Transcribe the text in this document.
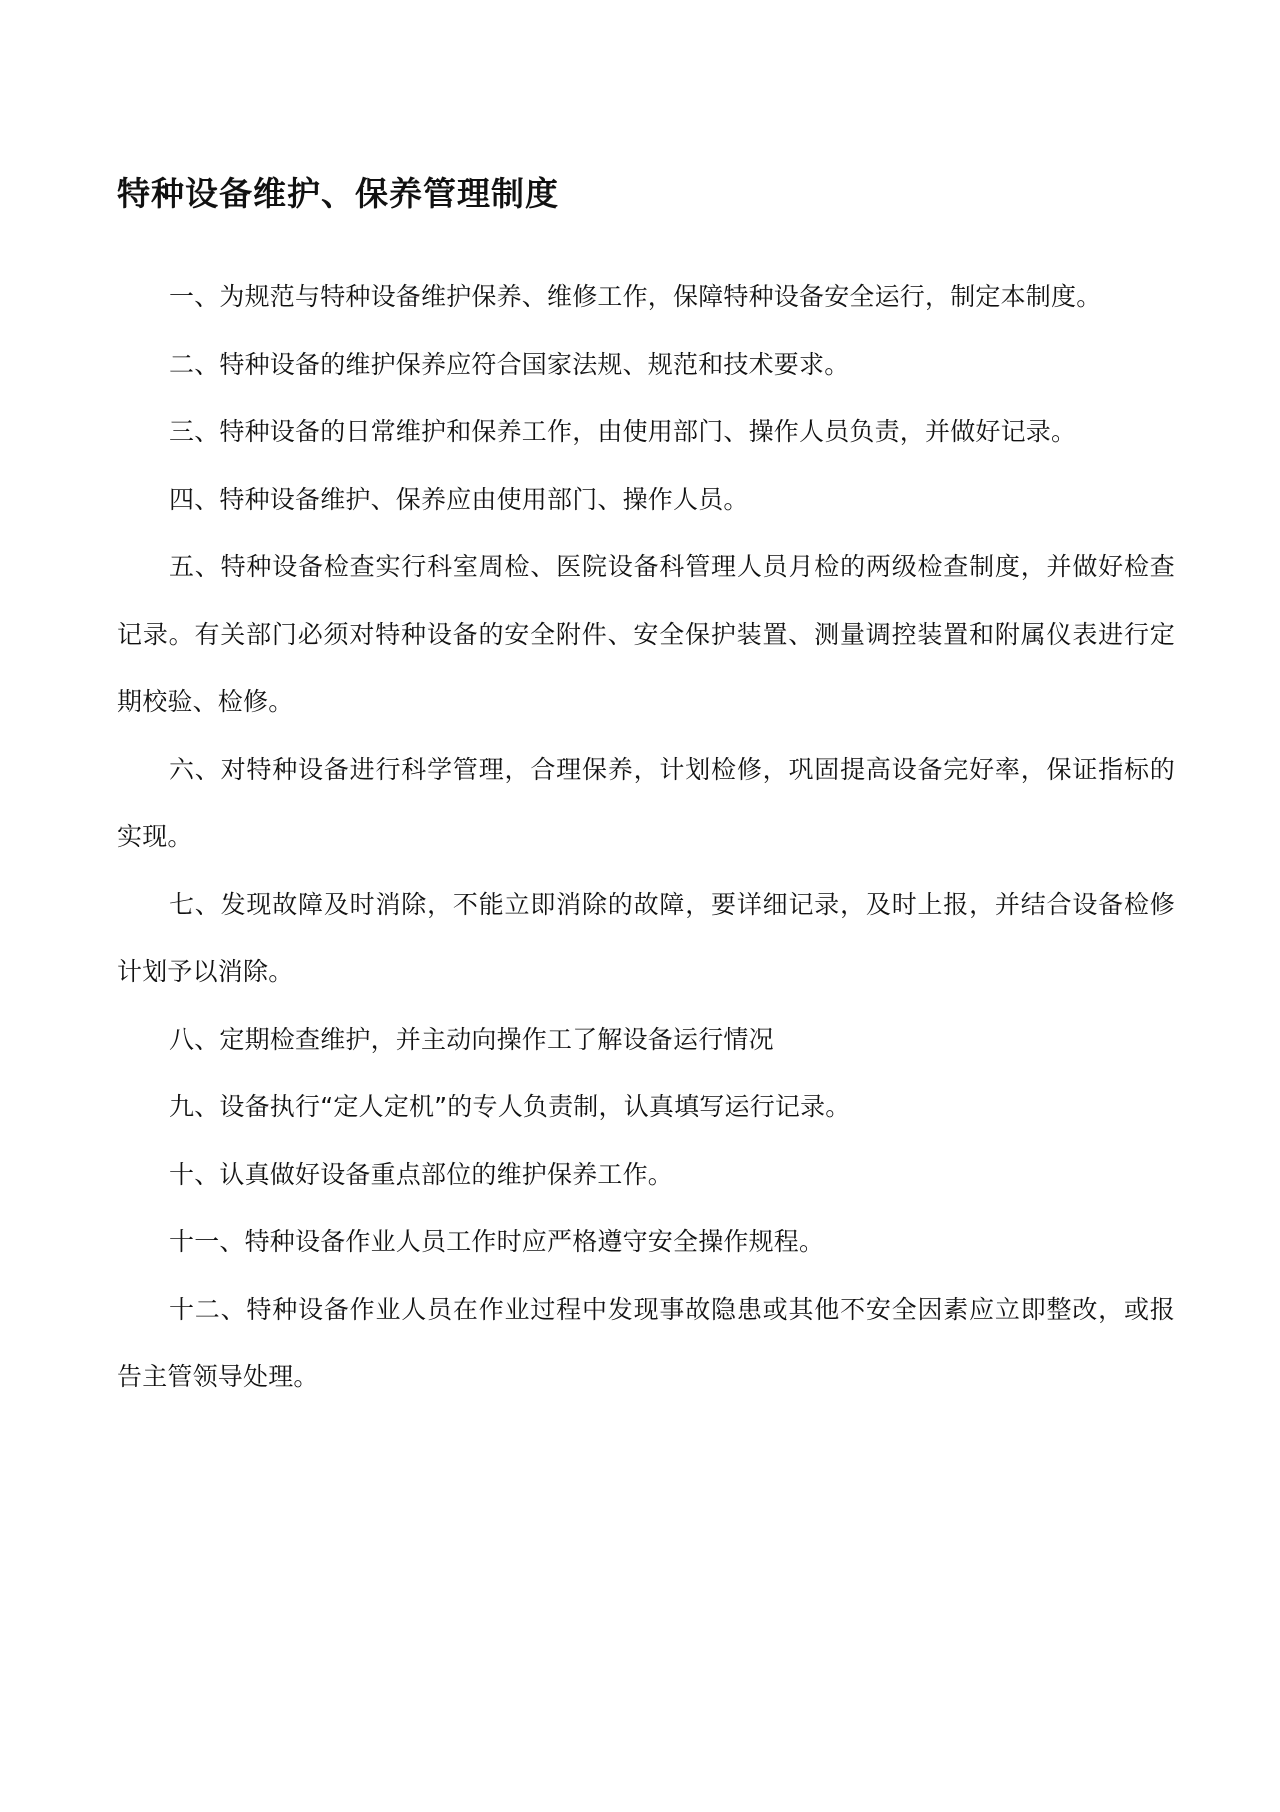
特种设备维护、保养管理制度

一、为规范与特种设备维护保养、维修工作，保障特种设备安全运行，制定本制度。

二、特种设备的维护保养应符合国家法规、规范和技术要求。

三、特种设备的日常维护和保养工作，由使用部门、操作人员负责，并做好记录。

四、特种设备维护、保养应由使用部门、操作人员。

五、特种设备检查实行科室周检、医院设备科管理人员月检的两级检查制度，并做好检查记录。有关部门必须对特种设备的安全附件、安全保护装置、测量调控装置和附属仪表进行定期校验、检修。

六、对特种设备进行科学管理，合理保养，计划检修，巩固提高设备完好率，保证指标的实现。

七、发现故障及时消除，不能立即消除的故障，要详细记录，及时上报，并结合设备检修计划予以消除。

八、定期检查维护，并主动向操作工了解设备运行情况

九、设备执行“定人定机”的专人负责制，认真填写运行记录。

十、认真做好设备重点部位的维护保养工作。

十一、特种设备作业人员工作时应严格遵守安全操作规程。

十二、特种设备作业人员在作业过程中发现事故隐患或其他不安全因素应立即整改，或报告主管领导处理。
